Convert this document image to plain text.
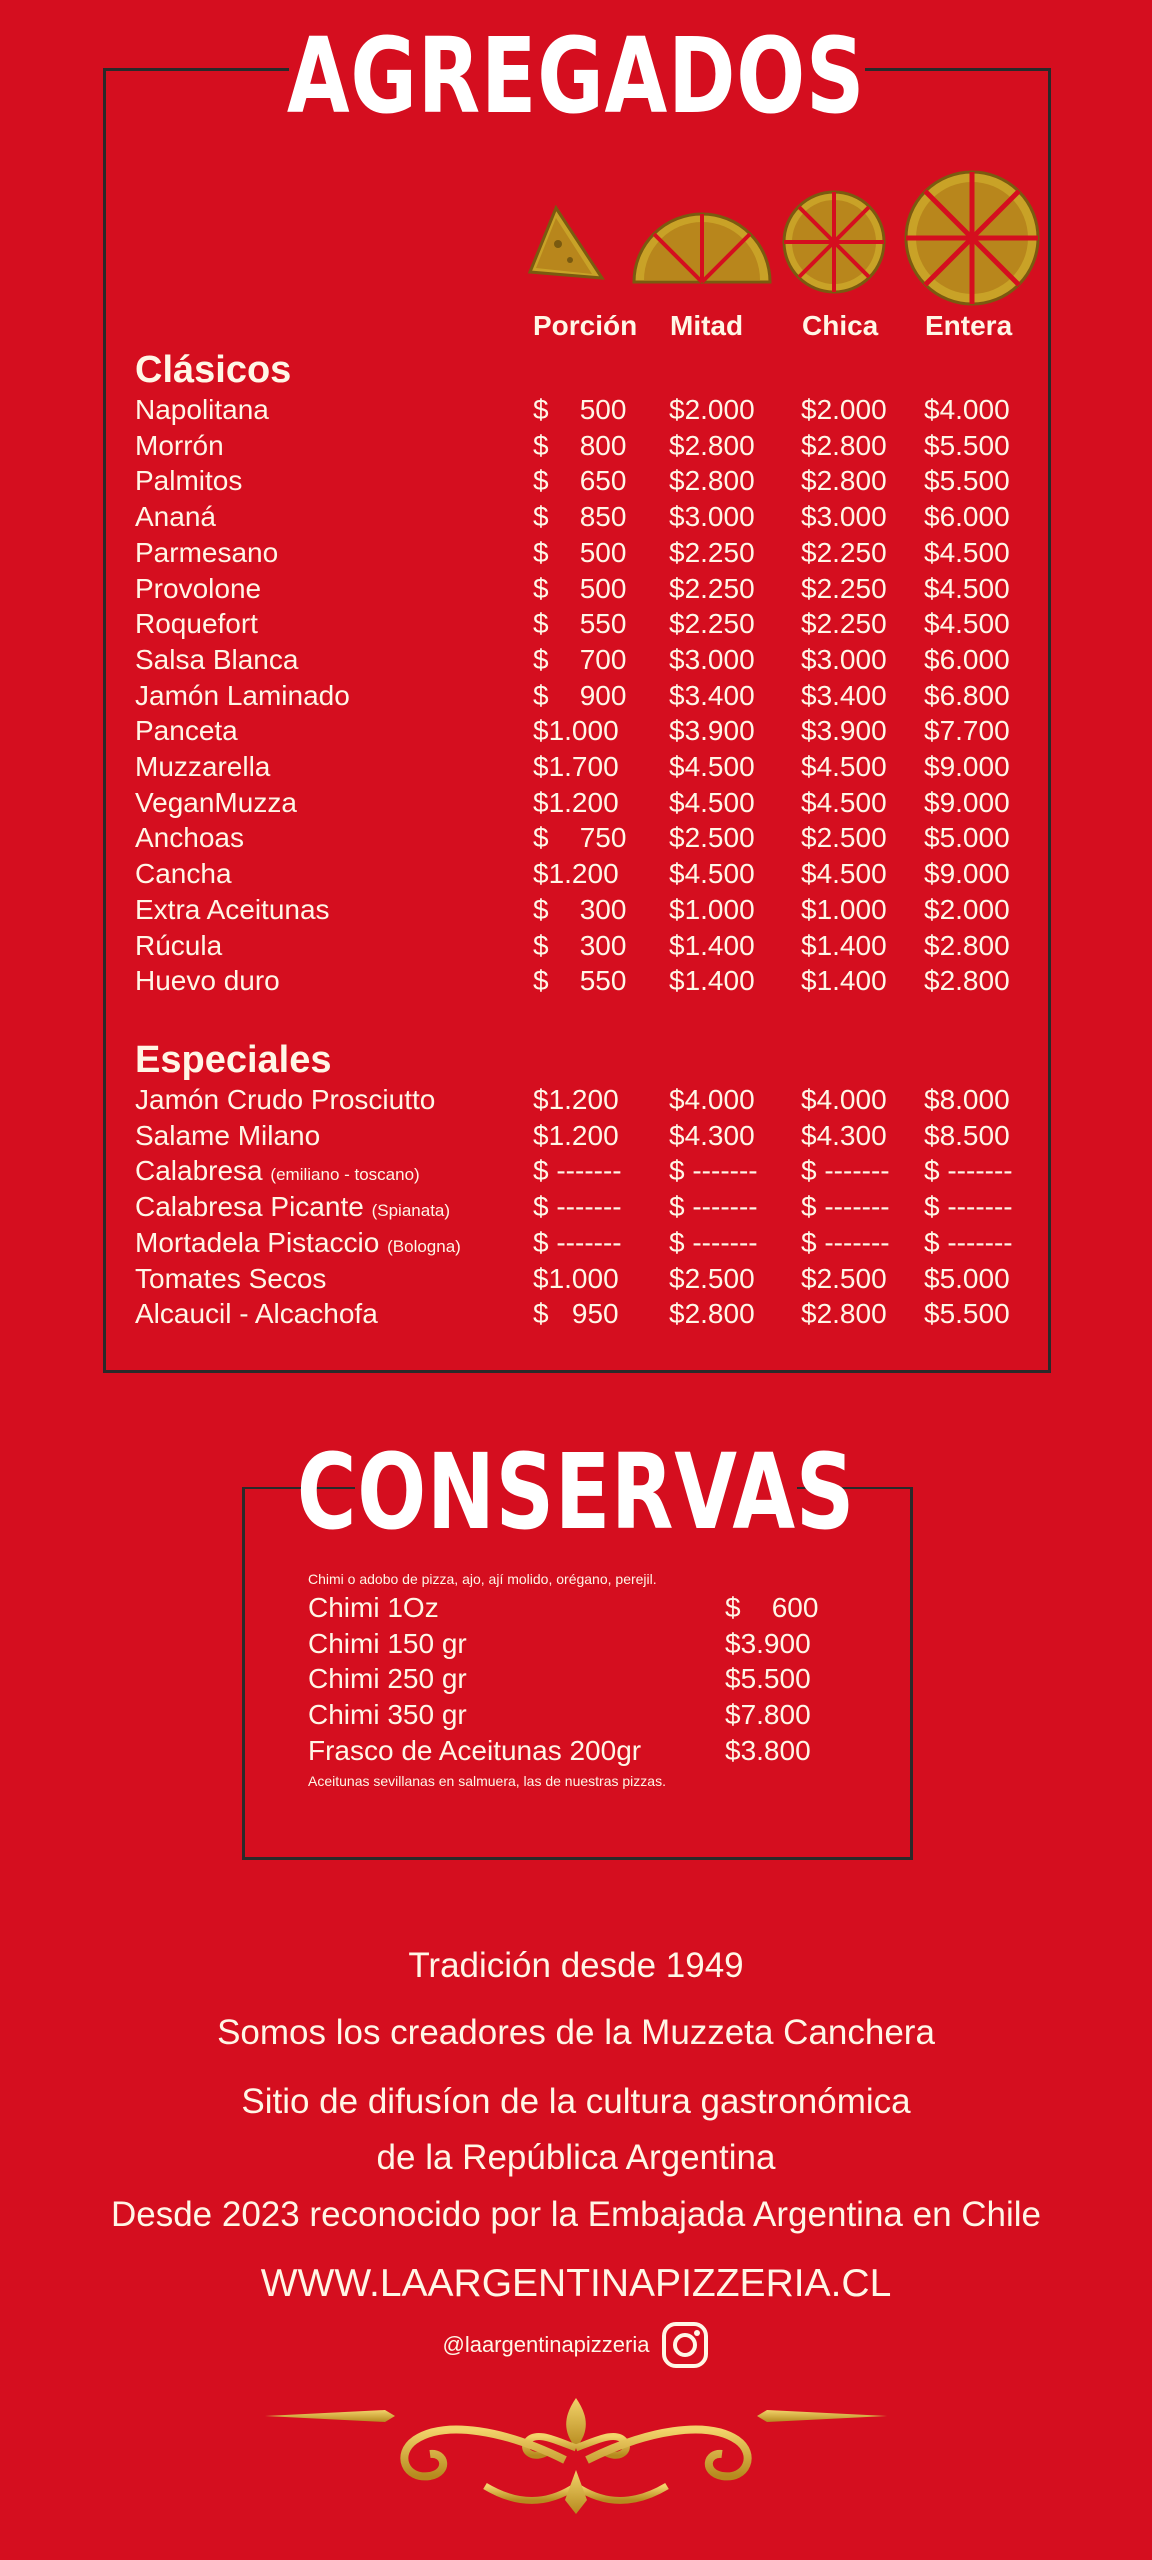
AGREGADOS
Porción Mitad Chica Entera
Clásicos
Napolitana	$    500 $2.000 $2.000 $4.000
Morrón	$    800 $2.800 $2.800 $5.500
Palmitos	$    650 $2.800 $2.800 $5.500
Ananá	$    850 $3.000 $3.000 $6.000
Parmesano	$    500 $2.250 $2.250 $4.500
Provolone	$    500 $2.250 $2.250 $4.500
Roquefort	$    550 $2.250 $2.250 $4.500
Salsa Blanca	$    700 $3.000 $3.000 $6.000
Jamón Laminado	$    900 $3.400 $3.400 $6.800
Panceta	$1.000 $3.900 $3.900 $7.700
Muzzarella	$1.700 $4.500 $4.500 $9.000
VeganMuzza	$1.200 $4.500 $4.500 $9.000
Anchoas	$    750 $2.500 $2.500 $5.000
Cancha	$1.200 $4.500 $4.500 $9.000
Extra Aceitunas	$    300 $1.000 $1.000 $2.000
Rúcula	$    300 $1.400 $1.400 $2.800
Huevo duro	$    550 $1.400 $1.400 $2.800
Especiales
Jamón Crudo Prosciutto	$1.200 $4.000 $4.000 $8.000
Salame Milano	$1.200 $4.300 $4.300 $8.500
Calabresa (emiliano - toscano)	$ ------- $ ------- $ ------- $ -------
Calabresa Picante (Spianata)	$ ------- $ ------- $ ------- $ -------
Mortadela Pistaccio (Bologna)	$ ------- $ ------- $ ------- $ -------
Tomates Secos	$1.000 $2.500 $2.500 $5.000
Alcaucil - Alcachofa	$   950 $2.800 $2.800 $5.500
CONSERVAS
Chimi o adobo de pizza, ajo, ají molido, orégano, perejil.
Chimi 1Oz	$    600
Chimi 150 gr	$3.900
Chimi 250 gr	$5.500
Chimi 350 gr	$7.800
Frasco de Aceitunas 200gr	$3.800
Aceitunas sevillanas en salmuera, las de nuestras pizzas.
Tradición desde 1949
Somos los creadores de la Muzzeta Canchera
Sitio de difusíon de la cultura gastronómica
de la República Argentina
Desde 2023 reconocido por la Embajada Argentina en Chile
WWW.LAARGENTINAPIZZERIA.CL
@laargentinapizzeria
